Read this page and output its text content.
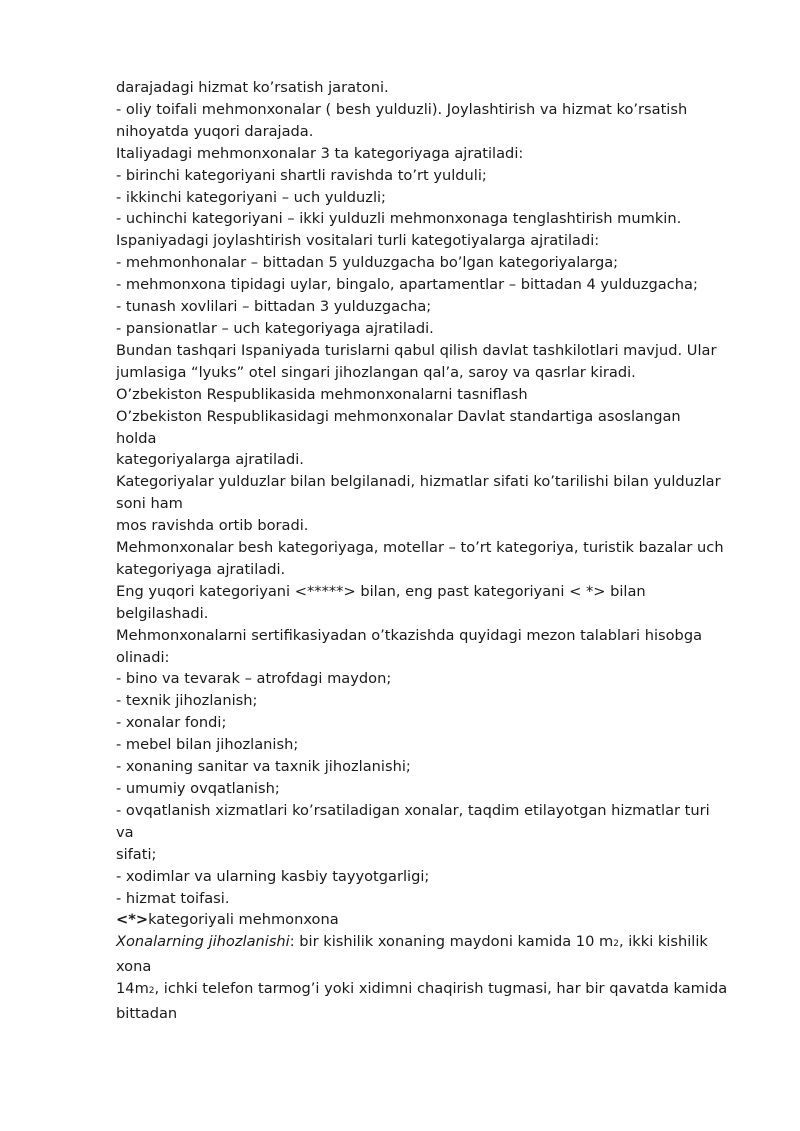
darajadagi hizmat ko’rsatish jaratoni.
- oliy toifali mehmonxonalar ( besh yulduzli). Joylashtirish va hizmat ko’rsatish
nihoyatda yuqori darajada.
Italiyadagi mehmonxonalar 3 ta kategoriyaga ajratiladi:
- birinchi kategoriyani shartli ravishda to’rt yulduli;
- ikkinchi kategoriyani – uch yulduzli;
- uchinchi kategoriyani – ikki yulduzli mehmonxonaga tenglashtirish mumkin.
Ispaniyadagi joylashtirish vositalari turli kategotiyalarga ajratiladi:
- mehmonhonalar – bittadan 5 yulduzgacha bo’lgan kategoriyalarga;
- mehmonxona tipidagi uylar, bingalo, apartamentlar – bittadan 4 yulduzgacha;
- tunash xovlilari – bittadan 3 yulduzgacha;
- pansionatlar – uch kategoriyaga ajratiladi.
Bundan tashqari Ispaniyada turislarni qabul qilish davlat tashkilotlari mavjud. Ular
jumlasiga “lyuks” otel singari jihozlangan qal’a, saroy va qasrlar kiradi.
O’zbekiston Respublikasida mehmonxonalarni tasniflash
O’zbekiston Respublikasidagi mehmonxonalar Davlat standartiga asoslangan
holda
kategoriyalarga ajratiladi.
Kategoriyalar yulduzlar bilan belgilanadi, hizmatlar sifati ko’tarilishi bilan yulduzlar
soni ham
mos ravishda ortib boradi.
Mehmonxonalar besh kategoriyaga, motellar – to’rt kategoriya, turistik bazalar uch
kategoriyaga ajratiladi.
Eng yuqori kategoriyani <*****> bilan, eng past kategoriyani < *> bilan
belgilashadi.
Mehmonxonalarni sertifikasiyadan o’tkazishda quyidagi mezon talablari hisobga
olinadi:
- bino va tevarak – atrofdagi maydon;
- texnik jihozlanish;
- xonalar fondi;
- mebel bilan jihozlanish;
- xonaning sanitar va taxnik jihozlanishi;
- umumiy ovqatlanish;
- ovqatlanish xizmatlari ko’rsatiladigan xonalar, taqdim etilayotgan hizmatlar turi
va
sifati;
- xodimlar va ularning kasbiy tayyotgarligi;
- hizmat toifasi.
<*>kategoriyali mehmonxona
Xonalarning jihozlanishi: bir kishilik xonaning maydoni kamida 10 m2, ikki kishilik
xona
14m2, ichki telefon tarmog’i yoki xidimni chaqirish tugmasi, har bir qavatda kamida
bittadan
